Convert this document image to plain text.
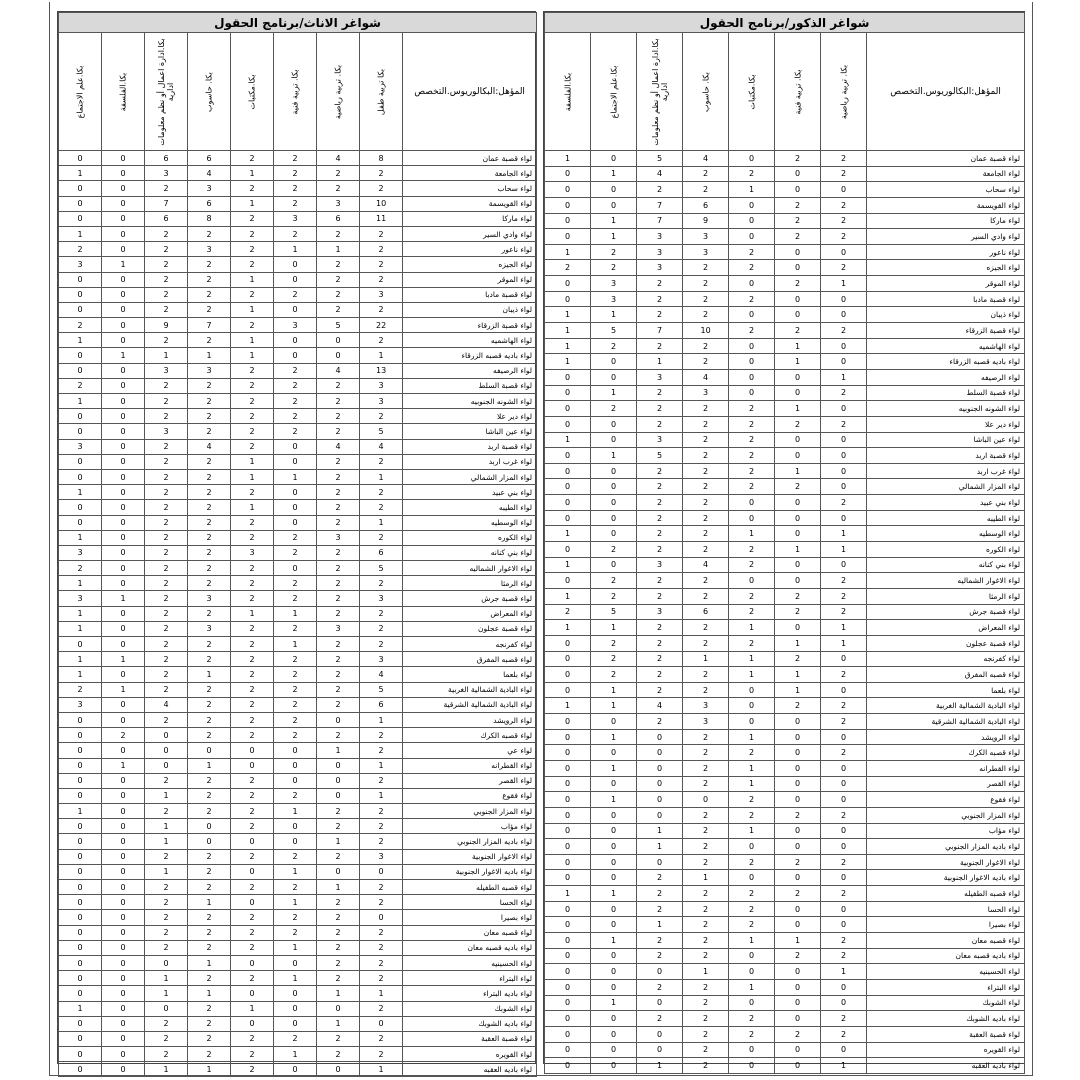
شواغر الاناث/برنامج الحقول								
المؤهل:البكالوريوس.التخصص	بكا تربية طفل	بكا. تربية رياضية	بكا. تربية فنية	بكا.مكتبات	بكا. حاسوب	بكا.ادارة اعمال أو نظم معلومات ادارية	بكا.الفلسفة	بكا.علم الاجتماع

لواء قصبة عمان	8	4	2	2	6	6	0	0
لواء الجامعة	2	2	2	1	4	3	0	1
لواء سحاب	2	2	2	2	3	2	0	0
لواء القويسمة	10	3	2	1	6	7	0	0
لواء ماركا	11	6	3	2	8	6	0	0
لواء وادي السير	2	2	2	2	2	2	0	1
لواء ناعور	2	1	1	2	3	2	0	2
لواء الجيزه	2	2	0	2	2	2	1	3
لواء الموقر	2	2	0	1	2	2	0	0
لواء قصبة مادبا	3	2	2	2	2	2	0	0
لواء ذيبان	2	2	0	1	2	2	0	0
لواء قصبة الزرقاء	22	5	3	2	7	9	0	2
لواء الهاشميه	2	0	0	1	2	2	0	1
لواء باديه قصبه الزرقاء	1	0	0	1	1	1	1	0
لواء الرصيفه	13	4	2	2	3	3	0	0
لواء قصبة السلط	3	2	2	2	2	2	0	2
لواء الشونه الجنوبيه	3	2	2	2	2	2	0	1
لواء دير علا	2	2	2	2	2	2	0	0
لواء عين الباشا	5	2	2	2	2	3	0	0
لواء قصبة اربد	4	4	0	2	4	2	0	3
لواء غرب اربد	2	2	0	1	2	2	0	0
لواء المزار الشمالي	1	2	1	1	2	2	0	0
لواء بني عبيد	2	2	0	2	2	2	0	1
لواء الطيبه	2	2	0	1	2	2	0	0
لواء الوسطيه	1	2	0	2	2	2	0	0
لواء الكوره	2	3	2	2	2	2	0	1
لواء بني كنانه	6	2	2	3	2	2	0	3
لواء الاغوار الشماليه	5	2	0	2	2	2	0	2
لواء الرمثا	2	2	2	2	2	2	0	1
لواء قصبة جرش	3	2	2	2	3	2	1	3
لواء المعراض	2	2	1	1	2	2	0	1
لواء قصبة عجلون	2	3	2	2	3	2	0	1
لواء كفرنجه	2	2	1	2	2	2	0	0
لواء قصبه المفرق	3	2	2	2	2	2	1	1
لواء بلعما	4	2	2	2	1	2	0	1
لواء البادية الشمالية الغربية	5	2	2	2	2	2	1	2
لواء البادية الشمالية الشرقية	6	2	2	2	2	4	0	3
لواء الرويشد	1	0	2	2	2	2	0	0
لواء قصبه الكرك	2	2	2	2	2	0	2	0
لواء عي	2	1	0	0	0	0	0	0
لواء القطرانه	1	0	0	0	1	0	1	0
لواء القصر	2	0	0	2	2	2	0	0
لواء فقوع	1	0	2	2	2	1	0	0
لواء المزار الجنوبي	2	2	1	2	2	2	0	1
لواء مؤاب	2	2	0	2	0	1	0	0
لواء باديه المزار الجنوبي	2	1	0	0	0	1	0	0
لواء الاغوار الجنوبية	3	2	2	2	2	2	0	0
لواء باديه الاغوار الجنوبية	0	0	1	0	2	1	0	0
لواء قصبه الطفيله	2	1	2	2	2	2	0	0
لواء الحسا	2	2	1	0	1	2	0	0
لواء بصيرا	0	2	2	2	2	2	0	0
لواء قصبه معان	2	2	2	2	2	2	0	0
لواء باديه قصبه معان	2	2	1	2	2	2	0	0
لواء الحسينيه	2	2	0	0	1	0	0	0
لواء البتراء	2	2	1	2	2	1	0	0
لواء باديه البتراء	1	1	0	0	1	1	0	0
لواء الشوبك	2	0	0	1	2	0	0	1
لواء باديه الشوبك	0	1	0	0	2	2	0	0
لواء قصبة العقبة	2	2	2	2	2	2	0	0
لواء القويره	2	2	1	2	2	2	0	0
لواء باديه العقبه	1	0	0	2	1	1	0	0
شواغر الذكور/برنامج الحقول							
المؤهل:البكالوريوس.التخصص	بكا. تربية رياضية	بكا. تربية فنية	بكا.مكتبات	بكا. حاسوب	بكا.ادارة اعمال أو نظم معلومات ادارية	بكا.علم الاجتماع	بكا.الفلسفة

لواء قصبة عمان	2	2	0	4	5	0	1
لواء الجامعة	2	0	2	2	4	1	0
لواء سحاب	0	0	1	2	2	0	0
لواء القويسمة	2	2	0	6	7	0	0
لواء ماركا	2	2	0	9	7	1	0
لواء وادي السير	2	2	0	3	3	1	0
لواء ناعور	0	0	2	3	3	2	1
لواء الجيزه	2	0	2	2	3	2	2
لواء الموقر	1	2	0	2	2	3	0
لواء قصبة مادبا	0	0	2	2	2	3	0
لواء ذيبان	0	0	0	2	2	1	1
لواء قصبة الزرقاء	2	2	2	10	7	5	1
لواء الهاشميه	0	1	0	2	2	2	1
لواء باديه قصبه الزرقاء	0	1	0	2	1	0	1
لواء الرصيفه	1	0	0	4	3	0	0
لواء قصبة السلط	2	0	0	3	2	1	0
لواء الشونه الجنوبيه	0	1	2	2	2	2	0
لواء دير علا	2	2	2	2	2	0	0
لواء عين الباشا	0	0	2	2	3	0	1
لواء قصبة اربد	0	0	2	2	5	1	0
لواء غرب اربد	0	1	2	2	2	0	0
لواء المزار الشمالي	0	2	2	2	2	0	0
لواء بني عبيد	2	0	0	2	2	0	0
لواء الطيبه	0	0	0	2	2	0	0
لواء الوسطيه	1	0	1	2	2	0	1
لواء الكوره	1	1	2	2	2	2	0
لواء بني كنانه	0	0	2	4	3	0	1
لواء الاغوار الشماليه	2	0	0	2	2	2	0
لواء الرمثا	2	2	2	2	2	2	1
لواء قصبة جرش	2	2	2	6	3	5	2
لواء المعراض	1	0	1	2	2	1	1
لواء قصبة عجلون	1	1	2	2	2	2	0
لواء كفرنجه	0	2	1	1	2	2	0
لواء قصبه المفرق	2	1	1	2	2	2	0
لواء بلعما	0	1	0	2	2	1	0
لواء البادية الشمالية الغربية	2	2	0	3	4	1	1
لواء البادية الشمالية الشرقية	2	0	0	3	2	0	0
لواء الرويشد	0	0	1	2	0	1	0
لواء قصبه الكرك	2	0	2	2	0	0	0
لواء القطرانه	0	0	1	2	0	1	0
لواء القصر	0	0	1	2	0	0	0
لواء فقوع	0	0	2	0	0	1	0
لواء المزار الجنوبي	2	2	2	2	0	0	0
لواء مؤاب	0	0	1	2	1	0	0
لواء باديه المزار الجنوبي	0	0	0	2	1	0	0
لواء الاغوار الجنوبية	2	2	2	2	0	0	0
لواء باديه الاغوار الجنوبية	0	0	0	1	2	0	0
لواء قصبه الطفيله	2	2	2	2	2	1	1
لواء الحسا	0	0	2	2	2	0	0
لواء بصيرا	0	0	2	2	1	0	0
لواء قصبه معان	2	1	1	2	2	1	0
لواء باديه قصبه معان	2	2	0	2	2	0	0
لواء الحسينيه	1	0	0	1	0	0	0
لواء البتراء	0	0	1	2	2	0	0
لواء الشوبك	0	0	0	2	0	1	0
لواء باديه الشوبك	2	0	2	2	2	0	0
لواء قصبة العقبة	2	2	2	2	0	0	0
لواء القويره	0	0	0	2	0	0	0
لواء باديه العقبه	1	0	0	2	1	0	0
